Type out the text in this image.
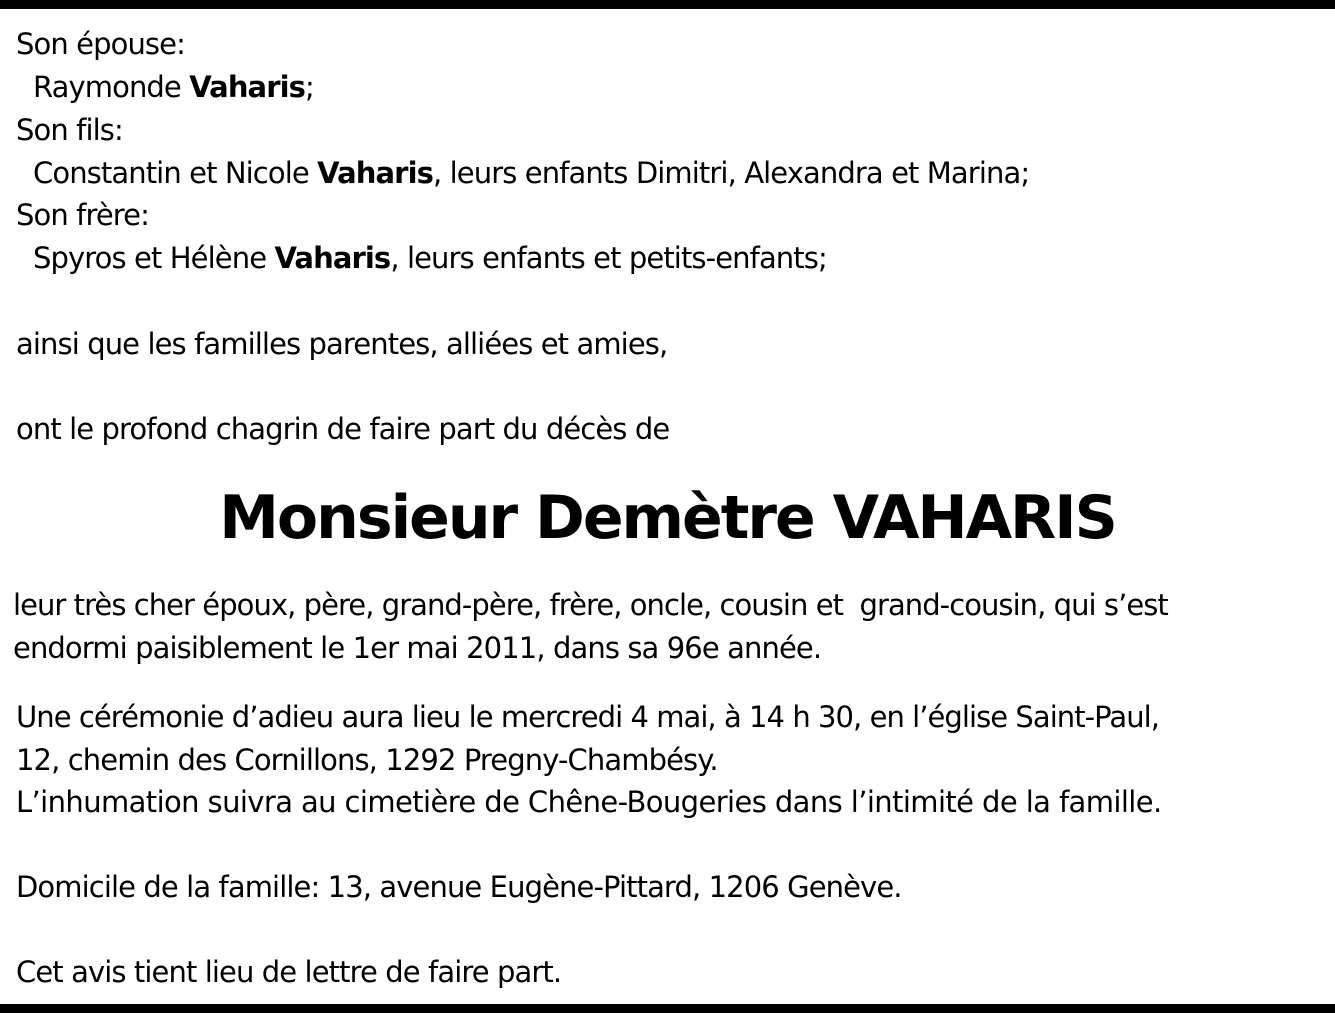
Son épouse:
Raymonde Vaharis;
Son fils:
Constantin et Nicole Vaharis, leurs enfants Dimitri, Alexandra et Marina;
Son frère:
Spyros et Hélène Vaharis, leurs enfants et petits-enfants;
ainsi que les familles parentes, alliées et amies,
ont le profond chagrin de faire part du décès de
Monsieur Demètre VAHARIS
leur très cher époux, père, grand-père, frère, oncle, cousin et  grand-cousin, qui s’est
endormi paisiblement le 1er mai 2011, dans sa 96e année.
Une cérémonie d’adieu aura lieu le mercredi 4 mai, à 14 h 30, en l’église Saint-Paul,
12, chemin des Cornillons, 1292 Pregny-Chambésy.
L’inhumation suivra au cimetière de Chêne-Bougeries dans l’intimité de la famille.
Domicile de la famille: 13, avenue Eugène-Pittard, 1206 Genève.
Cet avis tient lieu de lettre de faire part.
